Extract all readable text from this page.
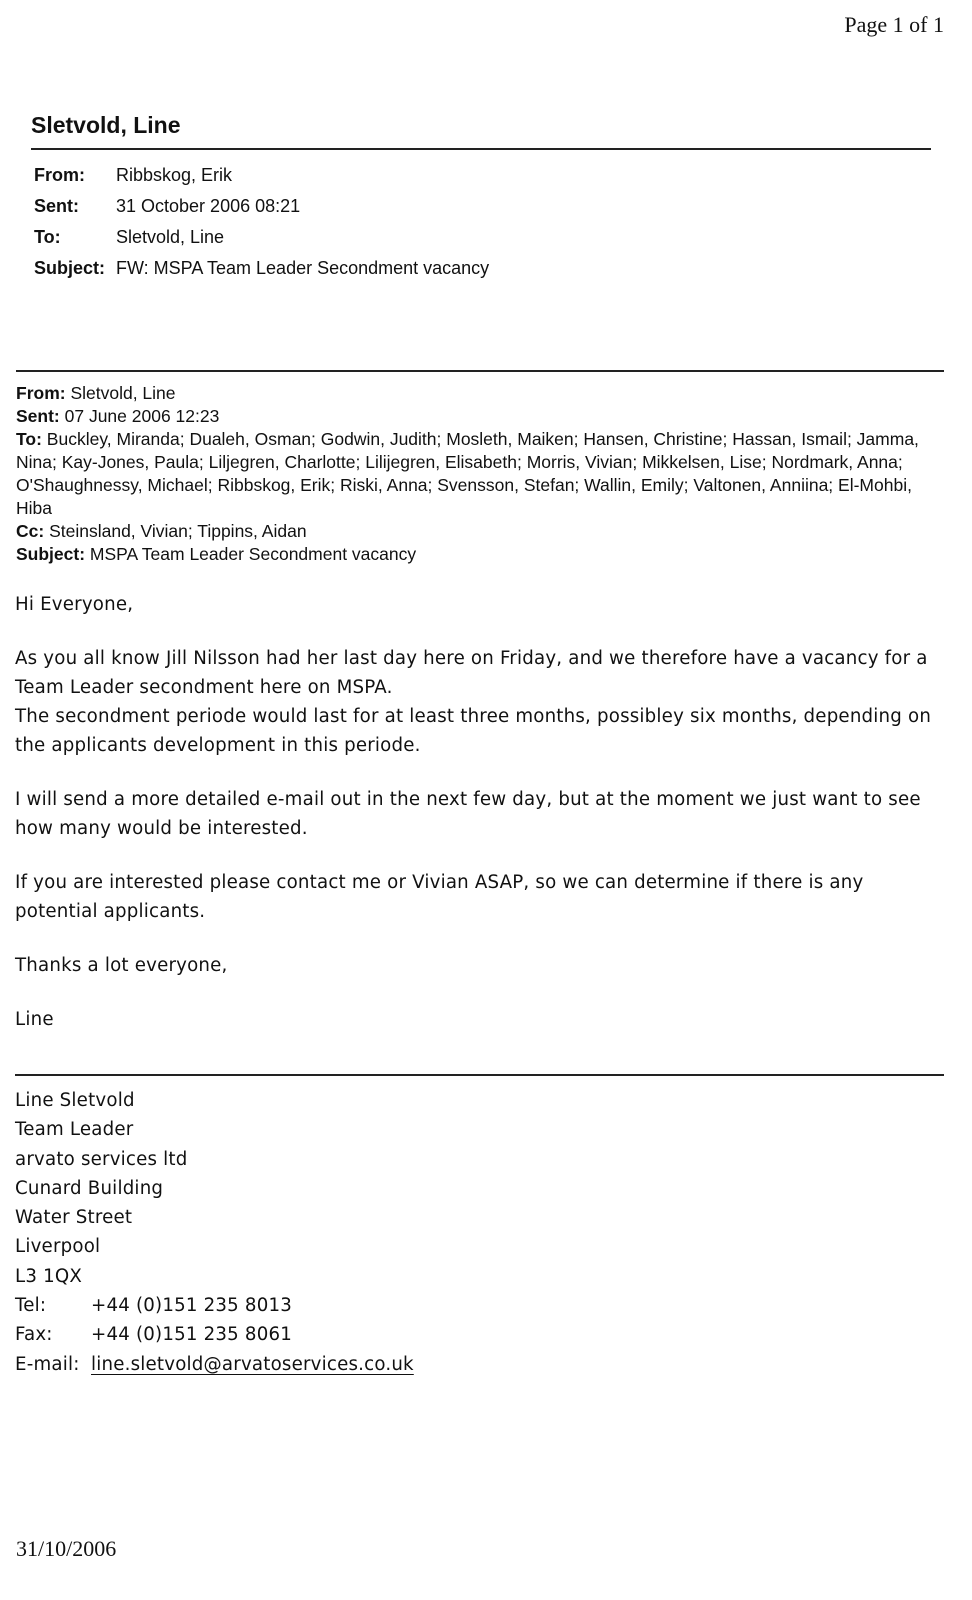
Page 1 of 1
Sletvold, Line
From:	Ribbskog, Erik
Sent:	31 October 2006 08:21
To:	Sletvold, Line
Subject:	FW: MSPA Team Leader Secondment vacancy

From: Sletvold, Line

Sent: 07 June 2006 12:23

To: Buckley, Miranda; Dualeh, Osman; Godwin, Judith; Mosleth, Maiken; Hansen, Christine; Hassan, Ismail; Jamma, Nina; Kay-Jones, Paula; Liljegren, Charlotte; Lilijegren, Elisabeth; Morris, Vivian; Mikkelsen, Lise; Nordmark, Anna; O'Shaughnessy, Michael; Ribbskog, Erik; Riski, Anna; Svensson, Stefan; Wallin, Emily; Valtonen, Anniina; El-Mohbi, Hiba

Cc: Steinsland, Vivian; Tippins, Aidan

Subject: MSPA Team Leader Secondment vacancy

Hi Everyone,

As you all know Jill Nilsson had her last day here on Friday, and we therefore have a vacancy for a Team Leader secondment here on MSPA.

The secondment periode would last for at least three months, possibley six months, depending on the applicants development in this periode.

I will send a more detailed e-mail out in the next few day, but at the moment we just want to see how many would be interested.

If you are interested please contact me or Vivian ASAP, so we can determine if there is any potential applicants.

Thanks a lot everyone,

Line

Line Sletvold

Team Leader

arvato services ltd

Cunard Building

Water Street

Liverpool

L3 1QX

Tel:	+44 (0)151 235 8013
Fax:	+44 (0)151 235 8061
E-mail: line.sletvold@arvatoservices.co.uk
31/10/2006
